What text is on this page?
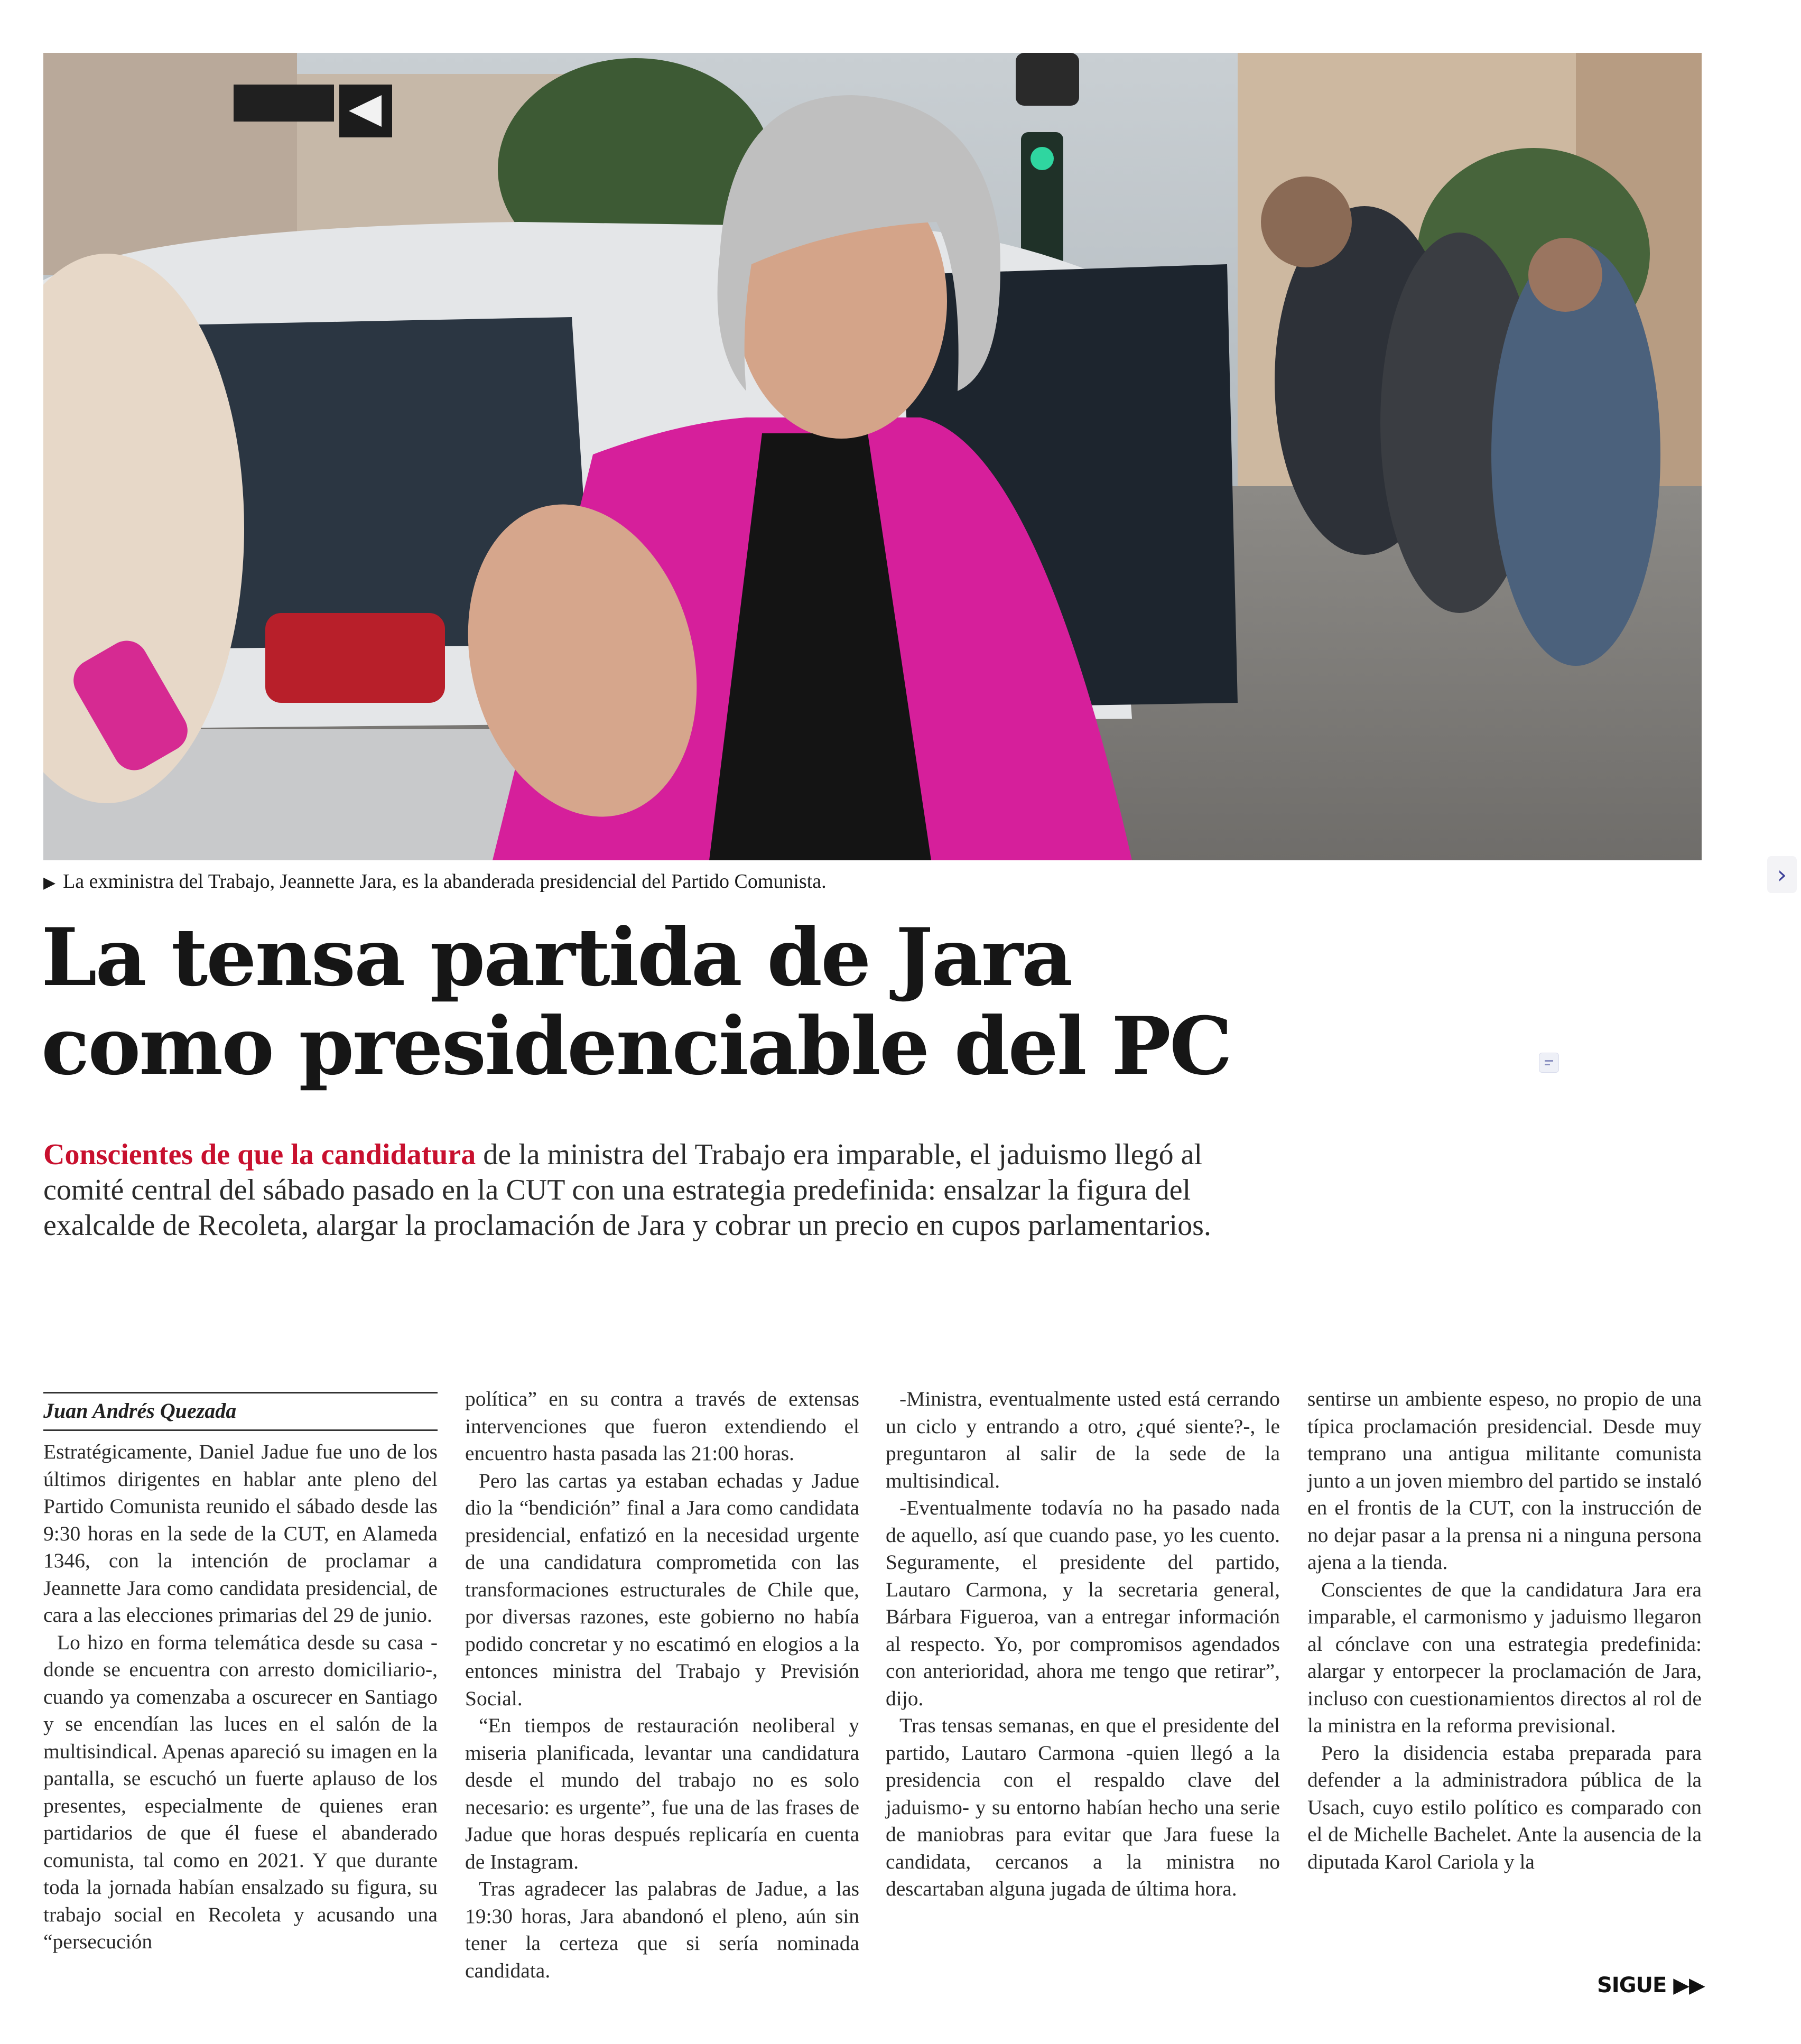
▶ La exministra del Trabajo, Jeannette Jara, es la abanderada presidencial del Partido Comunista.	›
La tensa partida de Jara
como presidenciable del PC

Conscientes de que la candidatura de la ministra del Trabajo era imparable, el jaduismo llegó al comité central del sábado pasado en la CUT con una estrategia predefinida: ensalzar la figura del exalcalde de Recoleta, alargar la proclamación de Jara y cobrar un precio en cupos parlamentarios.

Juan Andrés Quezada

Estratégicamente, Daniel Jadue fue uno de los últimos dirigentes en hablar ante pleno del Partido Comunista reunido el sábado desde las 9:30 horas en la sede de la CUT, en Alameda 1346, con la intención de proclamar a Jeannette Jara como candidata presidencial, de cara a las elecciones primarias del 29 de junio.

Lo hizo en forma telemática desde su casa -donde se encuentra con arresto domiciliario-, cuando ya comenzaba a oscurecer en Santiago y se encendían las luces en el salón de la multisindical. Apenas apareció su imagen en la pantalla, se escuchó un fuerte aplauso de los presentes, especialmente de quienes eran partidarios de que él fuese el abanderado comunista, tal como en 2021. Y que durante toda la jornada habían ensalzado su figura, su trabajo social en Recoleta y acusando una “persecución

política” en su contra a través de extensas intervenciones que fueron extendiendo el encuentro hasta pasada las 21:00 horas.

Pero las cartas ya estaban echadas y Jadue dio la “bendición” final a Jara como candidata presidencial, enfatizó en la necesidad urgente de una candidatura comprometida con las transformaciones estructurales de Chile que, por diversas razones, este gobierno no había podido concretar y no escatimó en elogios a la entonces ministra del Trabajo y Previsión Social.

“En tiempos de restauración neoliberal y miseria planificada, levantar una candidatura desde el mundo del trabajo no es solo necesario: es urgente”, fue una de las frases de Jadue que horas después replicaría en cuenta de Instagram.

Tras agradecer las palabras de Jadue, a las 19:30 horas, Jara abandonó el pleno, aún sin tener la certeza que si sería nominada candidata.

-Ministra, eventualmente usted está cerrando un ciclo y entrando a otro, ¿qué siente?-, le preguntaron al salir de la sede de la multisindical.

-Eventualmente todavía no ha pasado nada de aquello, así que cuando pase, yo les cuento. Seguramente, el presidente del partido, Lautaro Carmona, y la secretaria general, Bárbara Figueroa, van a entregar información al respecto. Yo, por compromisos agendados con anterioridad, ahora me tengo que retirar”, dijo.

Tras tensas semanas, en que el presidente del partido, Lautaro Carmona -quien llegó a la presidencia con el respaldo clave del jaduismo- y su entorno habían hecho una serie de maniobras para evitar que Jara fuese la candidata, cercanos a la ministra no descartaban alguna jugada de última hora.

sentirse un ambiente espeso, no propio de una típica proclamación presidencial. Desde muy temprano una antigua militante comunista junto a un joven miembro del partido se instaló en el frontis de la CUT, con la instrucción de no dejar pasar a la prensa ni a ninguna persona ajena a la tienda.

Conscientes de que la candidatura Jara era imparable, el carmonismo y jaduismo llegaron al cónclave con una estrategia predefinida: alargar y entorpecer la proclamación de Jara, incluso con cuestionamientos directos al rol de la ministra en la reforma previsional.

Pero la disidencia estaba preparada para defender a la administradora pública de la Usach, cuyo estilo político es comparado con el de Michelle Bachelet. Ante la ausencia de la diputada Karol Cariola y la

SIGUE ▶▶
